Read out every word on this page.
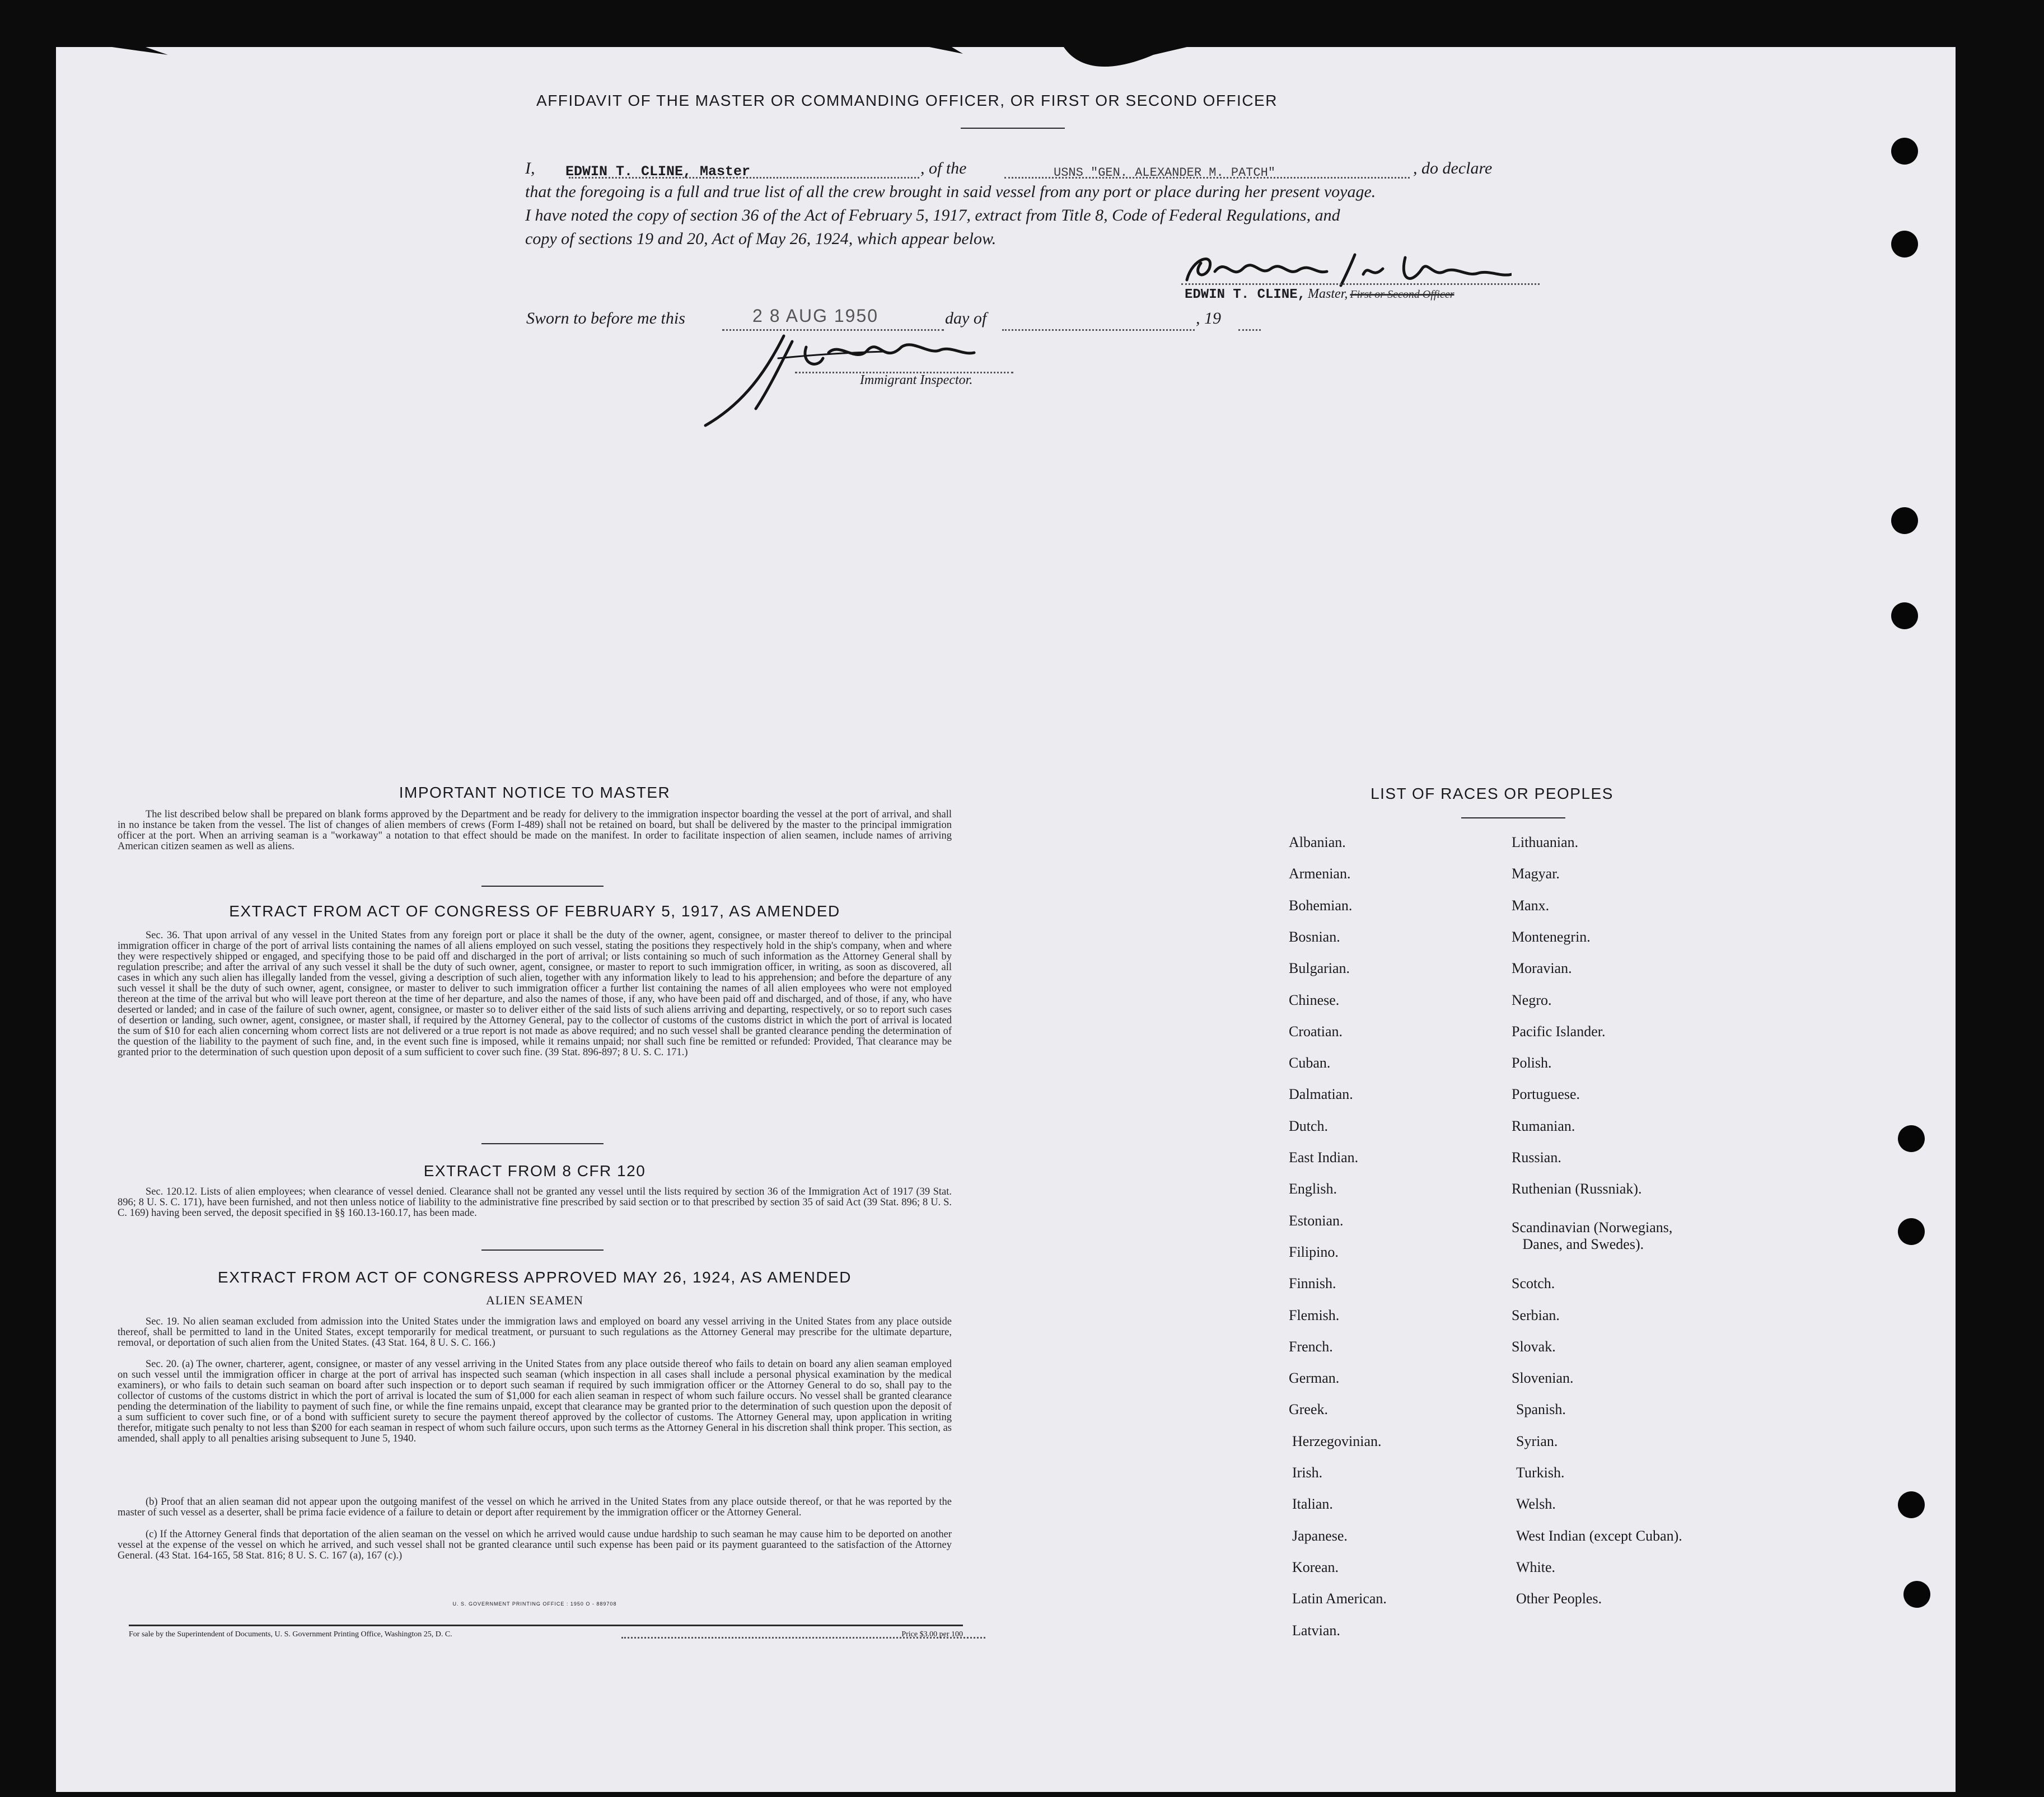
AFFIDAVIT OF THE MASTER OR COMMANDING OFFICER, OR FIRST OR SECOND OFFICER
I, EDWIN T. CLINE, Master	, of the	USNS "GEN. ALEXANDER M. PATCH"	, do declare
that the foregoing is a full and true list of all the crew brought in said vessel from any port or place during her present voyage.
I have noted the copy of section 36 of the Act of February 5, 1917, extract from Title 8, Code of Federal Regulations, and
copy of sections 19 and 20, Act of May 26, 1924, which appear below.
EDWIN T. CLINE, Master, First or Second Officer
Sworn to before me this	2 8 AUG 1950	day of	, 19
Immigrant Inspector.
IMPORTANT NOTICE TO MASTER
The list described below shall be prepared on blank forms approved by the Department and be ready for delivery to the immigration inspector boarding the vessel at the port of arrival, and shall in no instance be taken from the vessel. The list of changes of alien members of crews (Form I-489) shall not be retained on board, but shall be delivered by the master to the principal immigration officer at the port. When an arriving seaman is a "workaway" a notation to that effect should be made on the manifest. In order to facilitate inspection of alien seamen, include names of arriving American citizen seamen as well as aliens.
EXTRACT FROM ACT OF CONGRESS OF FEBRUARY 5, 1917, AS AMENDED
Sec. 36. That upon arrival of any vessel in the United States from any foreign port or place it shall be the duty of the owner, agent, consignee, or master thereof to deliver to the principal immigration officer in charge of the port of arrival lists containing the names of all aliens employed on such vessel, stating the positions they respectively hold in the ship's company, when and where they were respectively shipped or engaged, and specifying those to be paid off and discharged in the port of arrival; or lists containing so much of such information as the Attorney General shall by regulation prescribe; and after the arrival of any such vessel it shall be the duty of such owner, agent, consignee, or master to report to such immigration officer, in writing, as soon as discovered, all cases in which any such alien has illegally landed from the vessel, giving a description of such alien, together with any information likely to lead to his apprehension; and before the departure of any such vessel it shall be the duty of such owner, agent, consignee, or master to deliver to such immigration officer a further list containing the names of all alien employees who were not employed thereon at the time of the arrival but who will leave port thereon at the time of her departure, and also the names of those, if any, who have been paid off and discharged, and of those, if any, who have deserted or landed; and in case of the failure of such owner, agent, consignee, or master so to deliver either of the said lists of such aliens arriving and departing, respectively, or so to report such cases of desertion or landing, such owner, agent, consignee, or master shall, if required by the Attorney General, pay to the collector of customs of the customs district in which the port of arrival is located the sum of $10 for each alien concerning whom correct lists are not delivered or a true report is not made as above required; and no such vessel shall be granted clearance pending the determination of the question of the liability to the payment of such fine, and, in the event such fine is imposed, while it remains unpaid; nor shall such fine be remitted or refunded: Provided, That clearance may be granted prior to the determination of such question upon deposit of a sum sufficient to cover such fine. (39 Stat. 896-897; 8 U. S. C. 171.)
EXTRACT FROM 8 CFR 120
Sec. 120.12. Lists of alien employees; when clearance of vessel denied. Clearance shall not be granted any vessel until the lists required by section 36 of the Immigration Act of 1917 (39 Stat. 896; 8 U. S. C. 171), have been furnished, and not then unless notice of liability to the administrative fine prescribed by said section or to that prescribed by section 35 of said Act (39 Stat. 896; 8 U. S. C. 169) having been served, the deposit specified in §§ 160.13-160.17, has been made.
EXTRACT FROM ACT OF CONGRESS APPROVED MAY 26, 1924, AS AMENDED
ALIEN SEAMEN
Sec. 19. No alien seaman excluded from admission into the United States under the immigration laws and employed on board any vessel arriving in the United States from any place outside thereof, shall be permitted to land in the United States, except temporarily for medical treatment, or pursuant to such regulations as the Attorney General may prescribe for the ultimate departure, removal, or deportation of such alien from the United States. (43 Stat. 164, 8 U. S. C. 166.)
Sec. 20. (a) The owner, charterer, agent, consignee, or master of any vessel arriving in the United States from any place outside thereof who fails to detain on board any alien seaman employed on such vessel until the immigration officer in charge at the port of arrival has inspected such seaman (which inspection in all cases shall include a personal physical examination by the medical examiners), or who fails to detain such seaman on board after such inspection or to deport such seaman if required by such immigration officer or the Attorney General to do so, shall pay to the collector of customs of the customs district in which the port of arrival is located the sum of $1,000 for each alien seaman in respect of whom such failure occurs. No vessel shall be granted clearance pending the determination of the liability to payment of such fine, or while the fine remains unpaid, except that clearance may be granted prior to the determination of such question upon the deposit of a sum sufficient to cover such fine, or of a bond with sufficient surety to secure the payment thereof approved by the collector of customs. The Attorney General may, upon application in writing therefor, mitigate such penalty to not less than $200 for each seaman in respect of whom such failure occurs, upon such terms as the Attorney General in his discretion shall think proper. This section, as amended, shall apply to all penalties arising subsequent to June 5, 1940.
(b) Proof that an alien seaman did not appear upon the outgoing manifest of the vessel on which he arrived in the United States from any place outside thereof, or that he was reported by the master of such vessel as a deserter, shall be prima facie evidence of a failure to detain or deport after requirement by the immigration officer or the Attorney General.
(c) If the Attorney General finds that deportation of the alien seaman on the vessel on which he arrived would cause undue hardship to such seaman he may cause him to be deported on another vessel at the expense of the vessel on which he arrived, and such vessel shall not be granted clearance until such expense has been paid or its payment guaranteed to the satisfaction of the Attorney General. (43 Stat. 164-165, 58 Stat. 816; 8 U. S. C. 167 (a), 167 (c).)
U. S. GOVERNMENT PRINTING OFFICE : 1950 O - 889708
For sale by the Superintendent of Documents, U. S. Government Printing Office, Washington 25, D. C.	Price $3.00 per 100
LIST OF RACES OR PEOPLES
Albanian.
Armenian.
Bohemian.
Bosnian.
Bulgarian.
Chinese.
Croatian.
Cuban.
Dalmatian.
Dutch.
East Indian.
English.
Estonian.
Filipino.
Finnish.
Flemish.
French.
German.
Greek.
Herzegovinian.
Irish.
Italian.
Japanese.
Korean.
Latin American.
Latvian.
Lithuanian.
Magyar.
Manx.
Montenegrin.
Moravian.
Negro.
Pacific Islander.
Polish.
Portuguese.
Rumanian.
Russian.
Ruthenian (Russniak).
Scandinavian (Norwegians,
Danes, and Swedes).
Scotch.
Serbian.
Slovak.
Slovenian.
Spanish.
Syrian.
Turkish.
Welsh.
West Indian (except Cuban).
White.
Other Peoples.
